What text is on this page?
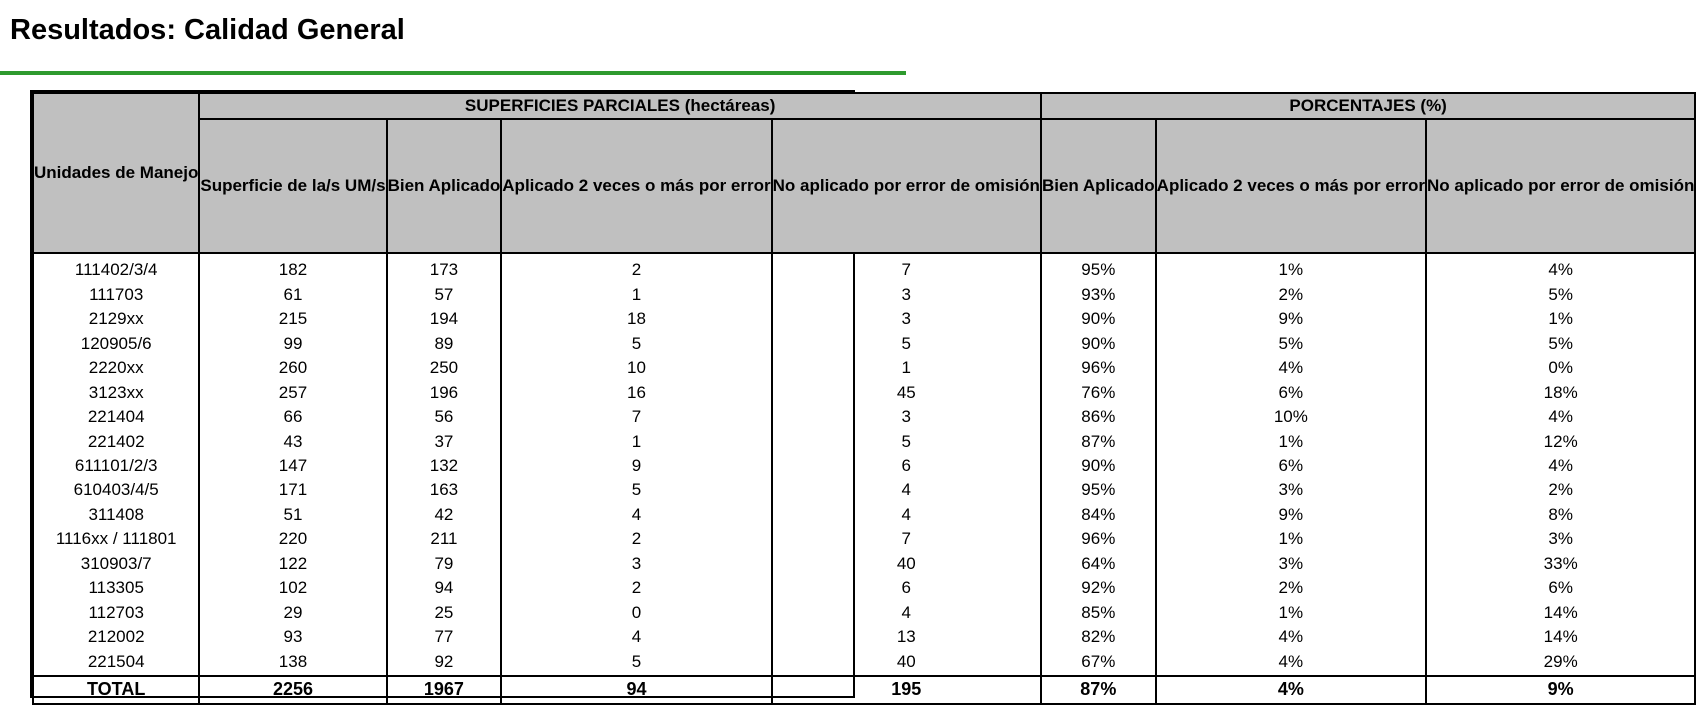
Resultados: Calidad General
Unidades de Manejo	SUPERFICIES PARCIALES (hectáreas)				PORCENTAJES (%)		
	Superficie de la/s UM/s	Bien Aplicado	Aplicado 2 veces o más por error	No aplicado por error de omisión	Bien Aplicado	Aplicado 2 veces o más por error	No aplicado por error de omisión

111402/3/4	182	173	2	7	95%	1%	4%
111703	61	57	1	3	93%	2%	5%
2129xx	215	194	18	3	90%	9%	1%
120905/6	99	89	5	5	90%	5%	5%
2220xx	260	250	10	1	96%	4%	0%
3123xx	257	196	16	45	76%	6%	18%
221404	66	56	7	3	86%	10%	4%
221402	43	37	1	5	87%	1%	12%
611101/2/3	147	132	9	6	90%	6%	4%
610403/4/5	171	163	5	4	95%	3%	2%
311408	51	42	4	4	84%	9%	8%
1116xx / 111801	220	211	2	7	96%	1%	3%
310903/7	122	79	3	40	64%	3%	33%
113305	102	94	2	6	92%	2%	6%
112703	29	25	0	4	85%	1%	14%
212002	93	77	4	13	82%	4%	14%
221504	138	92	5	40	67%	4%	29%

TOTAL	2256	1967	94	195	87%	4%	9%
